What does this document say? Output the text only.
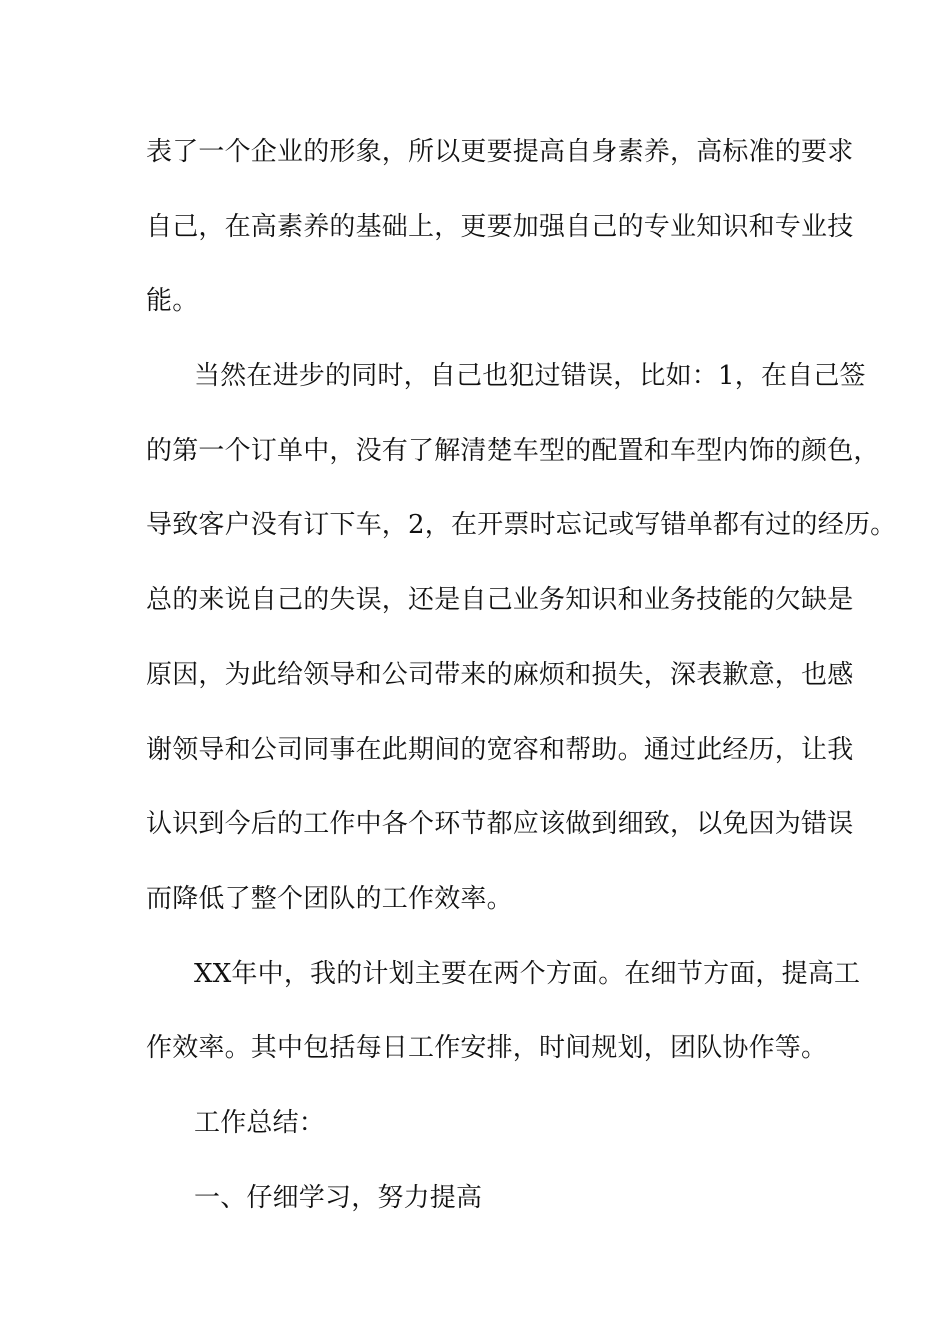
表了一个企业的形象，所以更要提高自身素养，高标准的要求
自己，在高素养的基础上，更要加强自己的专业知识和专业技
能。
当然在进步的同时，自己也犯过错误，比如：1，在自己签
的第一个订单中，没有了解清楚车型的配置和车型内饰的颜色，
导致客户没有订下车，2，在开票时忘记或写错单都有过的经历。
总的来说自己的失误，还是自己业务知识和业务技能的欠缺是
原因，为此给领导和公司带来的麻烦和损失，深表歉意，也感
谢领导和公司同事在此期间的宽容和帮助。通过此经历，让我
认识到今后的工作中各个环节都应该做到细致，以免因为错误
而降低了整个团队的工作效率。
XX年中，我的计划主要在两个方面。在细节方面，提高工
作效率。其中包括每日工作安排，时间规划，团队协作等。
工作总结：
一、仔细学习，努力提高
